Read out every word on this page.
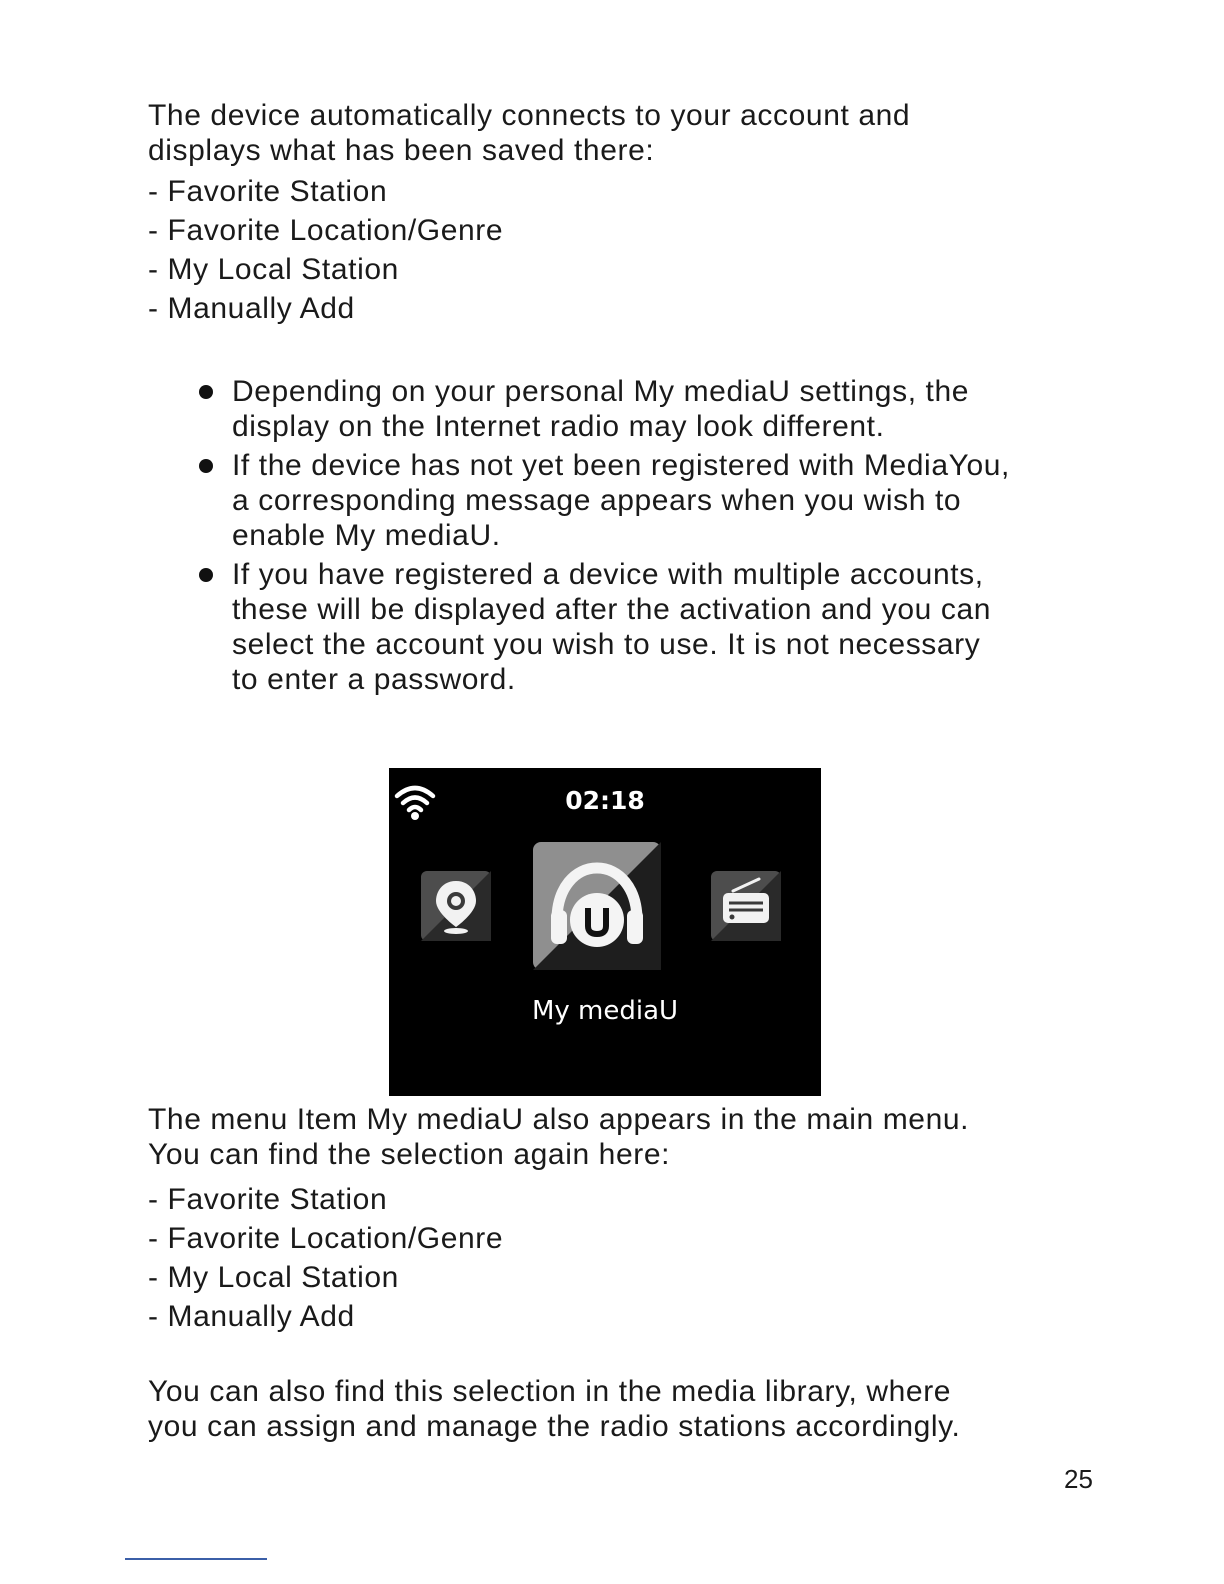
The device automatically connects to your account and
displays what has been saved there:
- Favorite Station
- Favorite Location/Genre
- My Local Station
- Manually Add
Depending on your personal My mediaU settings, the
display on the Internet radio may look different.
If the device has not yet been registered with MediaYou,
a corresponding message appears when you wish to
enable My mediaU.
If you have registered a device with multiple accounts,
these will be displayed after the activation and you can
select the account you wish to use. It is not necessary
to enter a password.
02:18
My mediaU
The menu Item My mediaU also appears in the main menu.
You can find the selection again here:
- Favorite Station
- Favorite Location/Genre
- My Local Station
- Manually Add
You can also find this selection in the media library, where
you can assign and manage the radio stations accordingly.
25
